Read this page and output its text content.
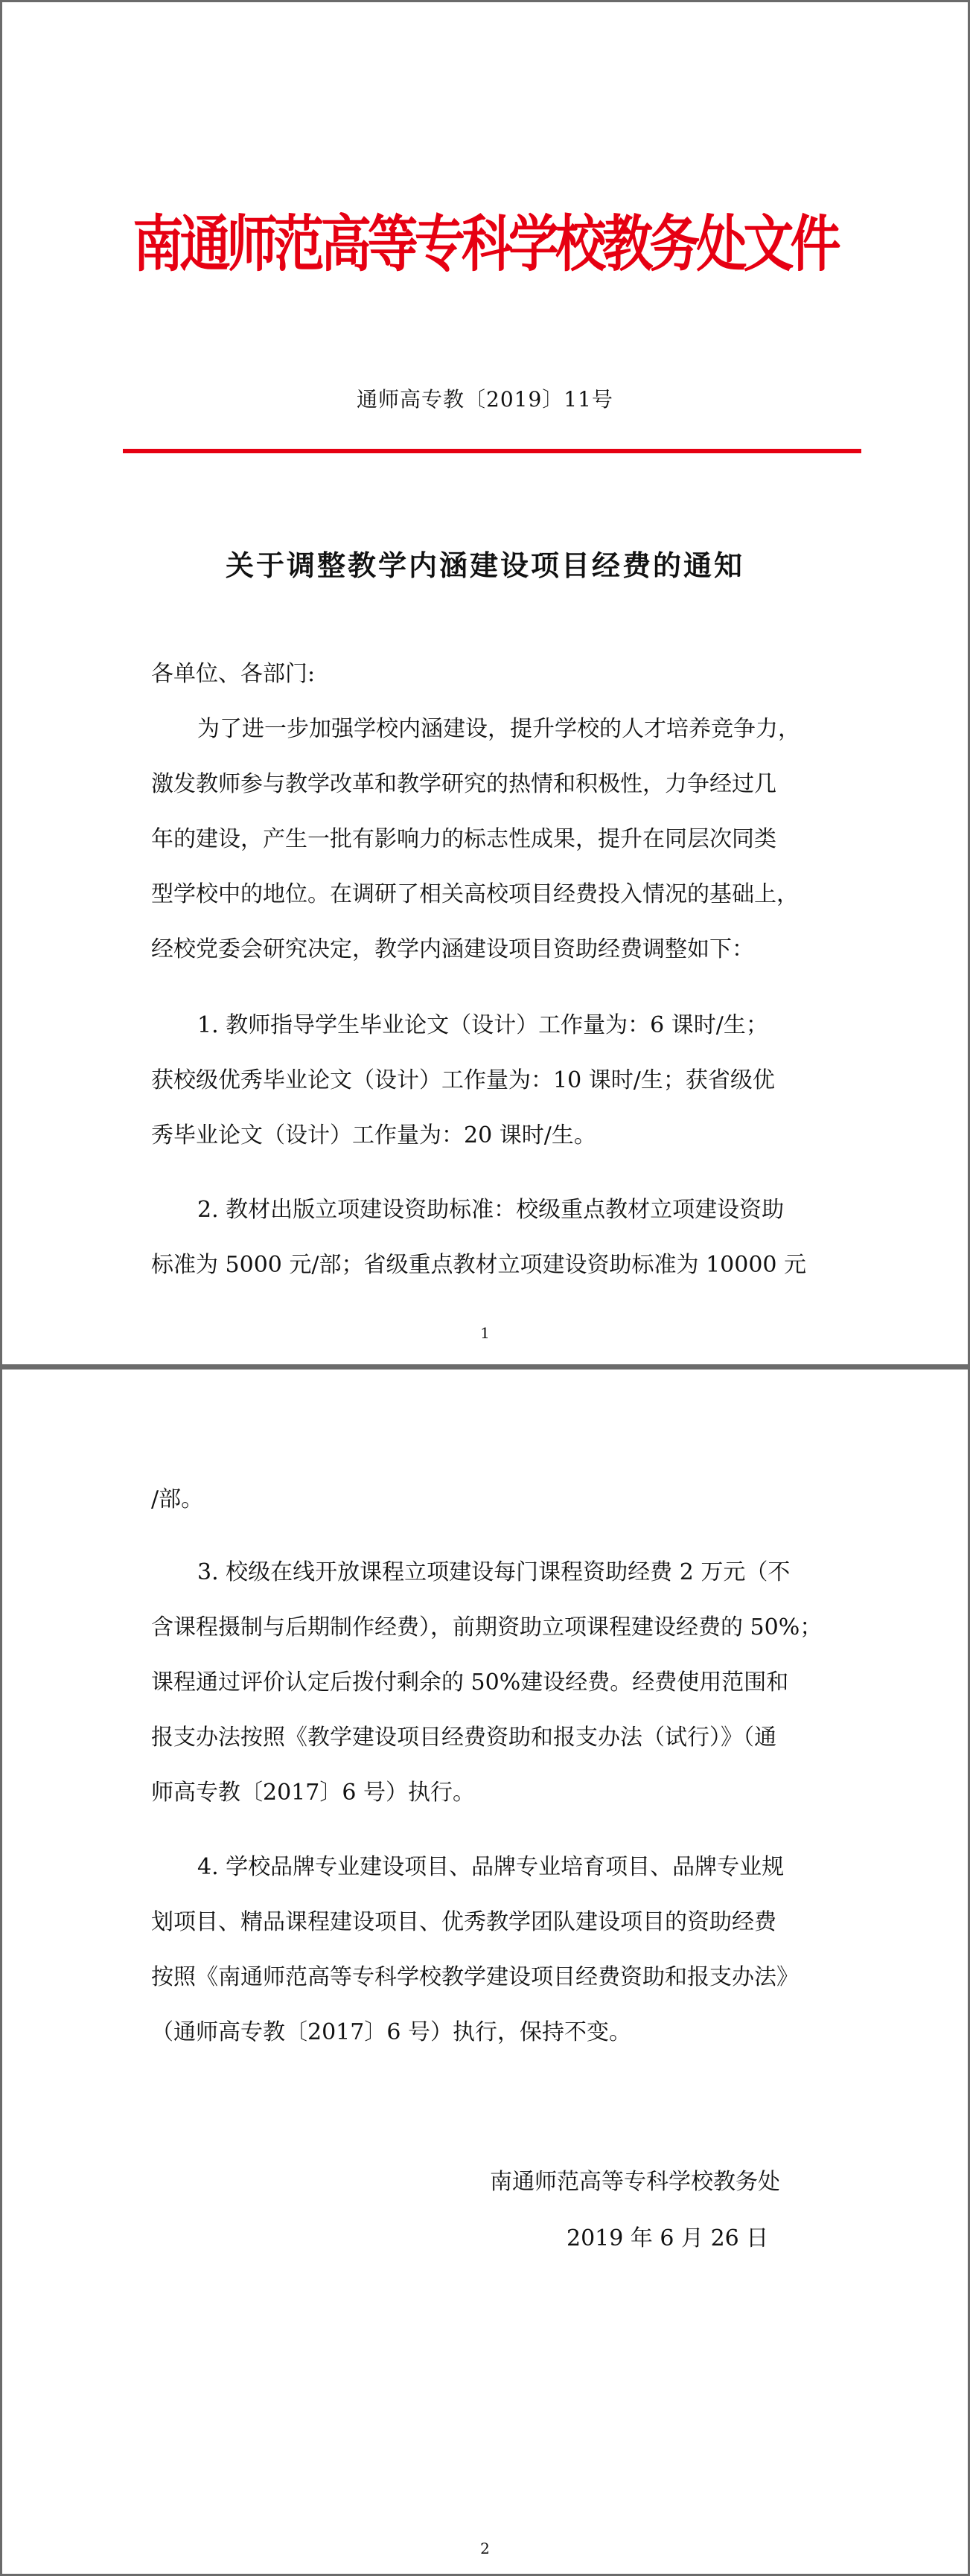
南通师范高等专科学校教务处文件
通师高专教〔2019〕11号
关于调整教学内涵建设项目经费的通知
各单位、各部门:
为了进一步加强学校内涵建设，提升学校的人才培养竞争力，
激发教师参与教学改革和教学研究的热情和积极性，力争经过几
年的建设，产生一批有影响力的标志性成果，提升在同层次同类
型学校中的地位。在调研了相关高校项目经费投入情况的基础上，
经校党委会研究决定，教学内涵建设项目资助经费调整如下：
1. 教师指导学生毕业论文（设计）工作量为：6 课时/生；
获校级优秀毕业论文（设计）工作量为：10 课时/生；获省级优
秀毕业论文（设计）工作量为：20 课时/生。
2. 教材出版立项建设资助标准：校级重点教材立项建设资助
标准为 5000 元/部；省级重点教材立项建设资助标准为 10000 元
1
/部。
3. 校级在线开放课程立项建设每门课程资助经费 2 万元（不
含课程摄制与后期制作经费），前期资助立项课程建设经费的 50%；
课程通过评价认定后拨付剩余的 50%建设经费。经费使用范围和
报支办法按照《教学建设项目经费资助和报支办法（试行）》（通
师高专教〔2017〕6 号）执行。
4. 学校品牌专业建设项目、品牌专业培育项目、品牌专业规
划项目、精品课程建设项目、优秀教学团队建设项目的资助经费
按照《南通师范高等专科学校教学建设项目经费资助和报支办法》
（通师高专教〔2017〕6 号）执行，保持不变。
南通师范高等专科学校教务处
2019 年 6 月 26 日
2
